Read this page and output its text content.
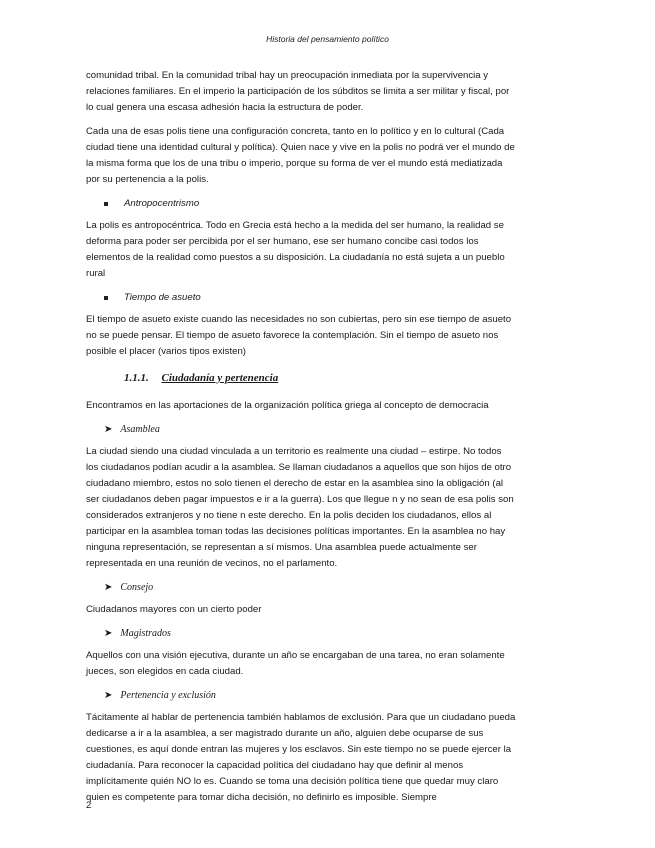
Historia del pensamiento político

comunidad tribal. En la comunidad tribal hay un preocupación inmediata por la supervivencia y relaciones familiares. En el imperio la participación de los súbditos se limita a ser militar y fiscal, por lo cual genera una escasa adhesión hacia la estructura de poder.

Cada una de esas polis tiene una configuración concreta, tanto en lo político y en lo cultural (Cada ciudad tiene una identidad cultural y política). Quien nace y vive en la polis no podrá ver el mundo de la misma forma que los de una tribu o imperio, porque su forma de ver el mundo está mediatizada por su pertenencia a la polis.

Antropocentrismo

La polis es antropocéntrica. Todo en Grecia está hecho a la medida del ser humano, la realidad se deforma para poder ser percibida por el ser humano, ese ser humano concibe casi todos los elementos de la realidad como puestos a su disposición. La ciudadanía no está sujeta a un pueblo rural

Tiempo de asueto

El tiempo de asueto existe cuando las necesidades no son cubiertas, pero sin ese tiempo de asueto no se puede pensar. El tiempo de asueto favorece la contemplación. Sin el tiempo de asueto nos posible el placer (varios tipos existen)

1.1.1. Ciudadanía y pertenencia

Encontramos en las aportaciones de la organización política griega al concepto de democracia

➤ Asamblea

La ciudad siendo una ciudad vinculada a un territorio es realmente una ciudad – estirpe. No todos los ciudadanos podían acudir a la asamblea. Se llaman ciudadanos a aquellos que son hijos de otro ciudadano miembro, estos no solo tienen el derecho de estar en la asamblea sino la obligación (al ser ciudadanos deben pagar impuestos e ir a la guerra). Los que llegue n y no sean de esa polis son considerados extranjeros y no tiene n este derecho. En la polis deciden los ciudadanos, ellos al participar en la asamblea toman todas las decisiones políticas importantes. En la asamblea no hay ninguna representación, se representan a sí mismos. Una asamblea puede actualmente ser representada en una reunión de vecinos, no el parlamento.

➤ Consejo

Ciudadanos mayores con un cierto poder

➤ Magistrados

Aquellos con una visión ejecutiva, durante un año se encargaban de una tarea, no eran solamente jueces, son elegidos en cada ciudad.

➤ Pertenencia y exclusión

Tácitamente al hablar de pertenencia también hablamos de exclusión. Para que un ciudadano pueda dedicarse a ir a la asamblea, a ser magistrado durante un año, alguien debe ocuparse de sus cuestiones, es aquí donde entran las mujeres y los esclavos. Sin este tiempo no se puede ejercer la ciudadanía. Para reconocer la capacidad política del ciudadano hay que definir al menos implícitamente quién NO lo es. Cuando se toma una decisión política tiene que quedar muy claro quien es competente para tomar dicha decisión, no definirlo es imposible. Siempre

2
